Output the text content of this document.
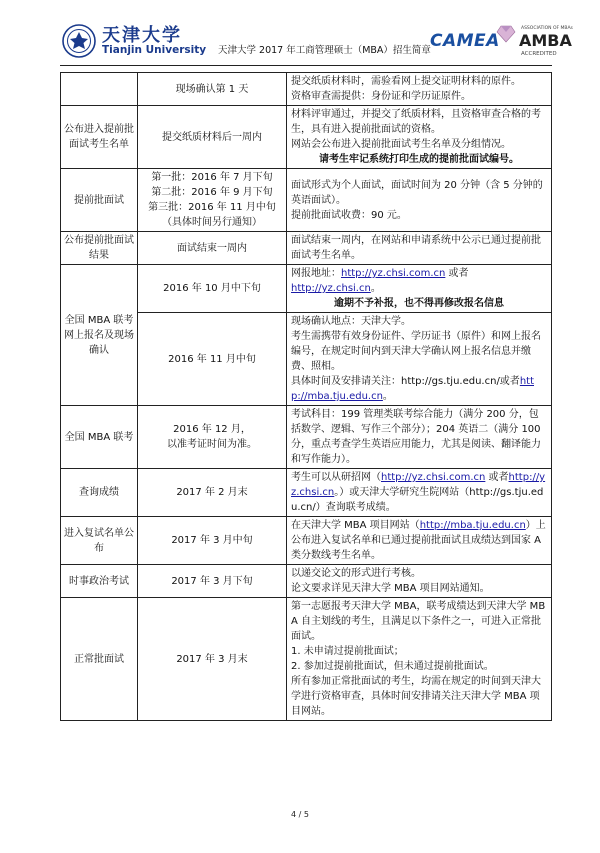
天津大学
Tianjin University 天津大学 2017 年工商管理硕士（MBA）招生简章 CAMEA
ASSOCIATION OF MBAs
AMBA
ACCREDITED
	现场确认第 1 天	提交纸质材料时，需验看网上提交证明材料的原件。
资格审查需提供：身份证和学历证原件。
公布进入提前批面试考生名单	提交纸质材料后一周内	材料评审通过，并提交了纸质材料，且资格审查合格的考生，具有进入提前批面试的资格。
网站会公布进入提前批面试考生名单及分组情况。

请考生牢记系统打印生成的提前批面试编号。

提前批面试	第一批：2016 年 7 月下旬
第二批：2016 年 9 月下旬
第三批：2016 年 11 月中旬
（具体时间另行通知）	面试形式为个人面试，面试时间为 20 分钟（含 5 分钟的英语面试）。
提前批面试收费：90 元。
公布提前批面试结果	面试结束一周内	面试结束一周内，在网站和申请系统中公示已通过提前批面试考生名单。
全国 MBA 联考网上报名及现场确认	2016 年 10 月中下旬	网报地址：http://yz.chsi.com.cn 或者
http://yz.chsi.cn。

逾期不予补报，也不得再修改报名信息

	2016 年 11 月中旬	现场确认地点：天津大学。
考生需携带有效身份证件、学历证书（原件）和网上报名编号，在规定时间内到天津大学确认网上报名信息并缴费、照相。
具体时间及安排请关注：http://gs.tju.edu.cn/或者http://mba.tju.edu.cn。
全国 MBA 联考	2016 年 12 月，
以准考证时间为准。	考试科目：199 管理类联考综合能力（满分 200 分，包括数学、逻辑、写作三个部分）；204 英语二（满分 100 分，重点考查学生英语应用能力，尤其是阅读、翻译能力和写作能力）。
查询成绩	2017 年 2 月末	考生可以从研招网（http://yz.chsi.com.cn 或者http://yz.chsi.cn。）或天津大学研究生院网站（http://gs.tju.edu.cn/）查询联考成绩。
进入复试名单公布	2017 年 3 月中旬	在天津大学 MBA 项目网站（http://mba.tju.edu.cn）上公布进入复试名单和已通过提前批面试且成绩达到国家 A 类分数线考生名单。
时事政治考试	2017 年 3 月下旬	以递交论文的形式进行考核。
论文要求详见天津大学 MBA 项目网站通知。
正常批面试	2017 年 3 月末	第一志愿报考天津大学 MBA，联考成绩达到天津大学 MBA 自主划线的考生，且满足以下条件之一，可进入正常批面试。
1. 未申请过提前批面试；
2. 参加过提前批面试，但未通过提前批面试。
所有参加正常批面试的考生，均需在规定的时间到天津大学进行资格审查，具体时间安排请关注天津大学 MBA 项目网站。
4 / 5
